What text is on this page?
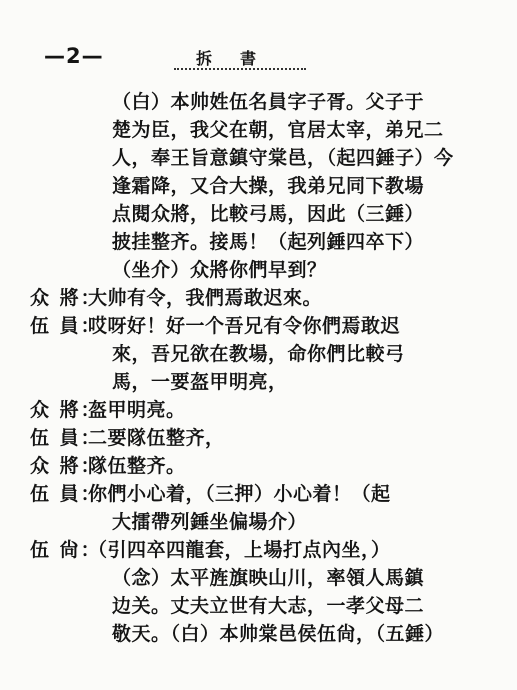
—2—	拆書
（白）本帅姓伍名員字子胥。父子于
楚为臣，我父在朝，官居太宰，弟兄二
人，奉王旨意鎮守棠邑，（起四錘子）今
逢霜降，又合大操，我弟兄同下教場
点閱众將，比較弓馬，因此（三錘）
披挂整齐。接馬！（起列錘四卒下）
（坐介）众將你們早到？
众 將：
大帅有令，我們焉敢迟來。
伍 員：
哎呀好！好一个吾兄有令你們焉敢迟
來，吾兄欲在教場，命你們比較弓
馬，一要盔甲明亮，
众 將：
盔甲明亮。
伍 員：
二要隊伍整齐，
众 將：
隊伍整齐。
伍 員：
你們小心着，（三押）小心着！（起
大擂帶列錘坐偏場介）
伍 尙：
（引四卒四龍套，上場打点內坐，）
（念）太平旌旗映山川，率領人馬鎮
边关。丈夫立世有大志，一孝父母二
敬天。（白）本帅棠邑侯伍尙，（五錘）
